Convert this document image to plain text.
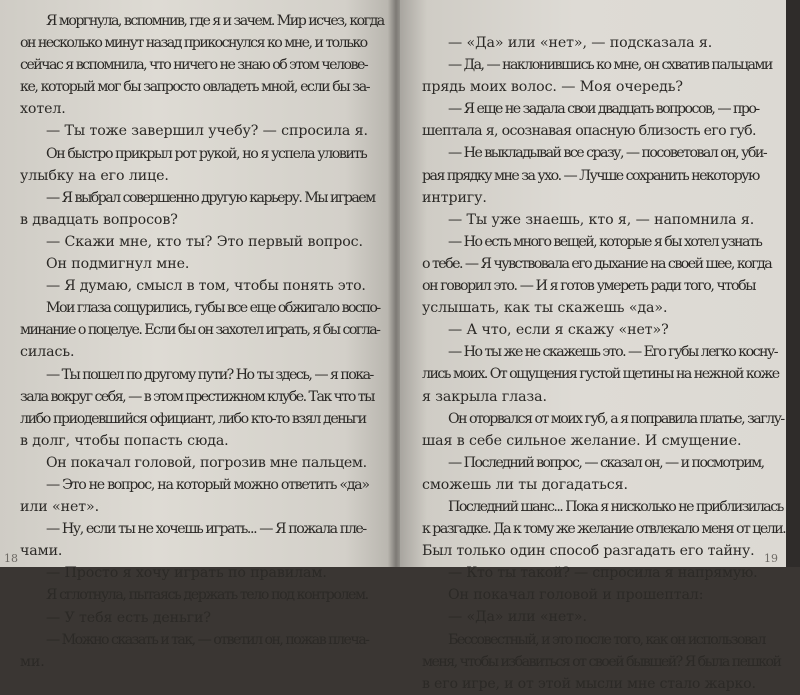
Я моргнула, вспомнив, где я и зачем. Мир исчез, когда
он несколько минут назад прикоснулся ко мне, и только
сейчас я вспомнила, что ничего не знаю об этом челове-
ке, который мог бы запросто овладеть мной, если бы за-
хотел.
— Ты тоже завершил учебу? — спросила я.
Он быстро прикрыл рот рукой, но я успела уловить
улыбку на его лице.
— Я выбрал совершенно другую карьеру. Мы играем
в двадцать вопросов?
— Скажи мне, кто ты? Это первый вопрос.
Он подмигнул мне.
— Я думаю, смысл в том, чтобы понять это.
Мои глаза сощурились, губы все еще обжигало воспо-
минание о поцелуе. Если бы он захотел играть, я бы согла-
силась.
— Ты пошел по другому пути? Но ты здесь, — я пока-
зала вокруг себя, — в этом престижном клубе. Так что ты
либо приодевшийся официант, либо кто-то взял деньги
в долг, чтобы попасть сюда.
Он покачал головой, погрозив мне пальцем.
— Это не вопрос, на который можно ответить «да»
или «нет».
— Ну, если ты не хочешь играть... — Я пожала пле-
чами.
— Просто я хочу играть по правилам.
Я сглотнула, пытаясь держать тело под контролем.
— У тебя есть деньги?
— Можно сказать и так, — ответил он, пожав плеча-
ми.
18
— «Да» или «нет», — подсказала я.
— Да, — наклонившись ко мне, он схватив пальцами
прядь моих волос. — Моя очередь?
— Я еще не задала свои двадцать вопросов, — про-
шептала я, осознавая опасную близость его губ.
— Не выкладывай все сразу, — посоветовал он, уби-
рая прядку мне за ухо. — Лучше сохранить некоторую
интригу.
— Ты уже знаешь, кто я, — напомнила я.
— Но есть много вещей, которые я бы хотел узнать
о тебе. — Я чувствовала его дыхание на своей шее, когда
он говорил это. — И я готов умереть ради того, чтобы
услышать, как ты скажешь «да».
— А что, если я скажу «нет»?
— Но ты же не скажешь это. — Его губы легко косну-
лись моих. От ощущения густой щетины на нежной коже
я закрыла глаза.
Он оторвался от моих губ, а я поправила платье, заглу-
шая в себе сильное желание. И смущение.
— Последний вопрос, — сказал он, — и посмотрим,
сможешь ли ты догадаться.
Последний шанс... Пока я нисколько не приблизилась
к разгадке. Да к тому же желание отвлекало меня от цели.
Был только один способ разгадать его тайну.
— Кто ты такой? — спросила я напрямую.
Он покачал головой и прошептал:
— «Да» или «нет».
Бессовестный, и это после того, как он использовал
меня, чтобы избавиться от своей бывшей? Я была пешкой
в его игре, и от этой мысли мне стало жарко.
19
